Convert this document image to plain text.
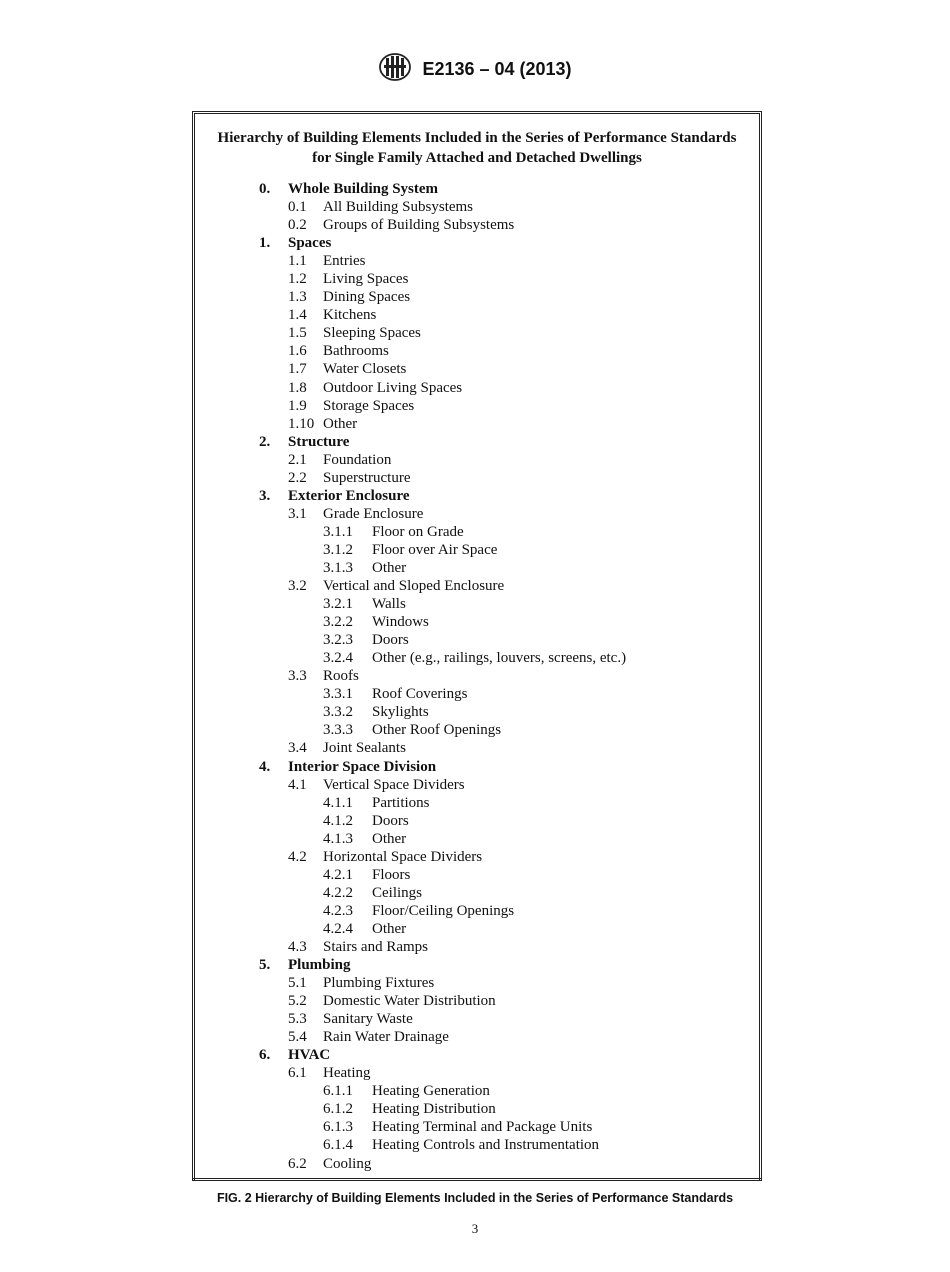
E2136 – 04 (2013)
Hierarchy of Building Elements Included in the Series of Performance Standards
for Single Family Attached and Detached Dwellings
0. Whole Building System
0.1 All Building Subsystems
0.2 Groups of Building Subsystems
1. Spaces
1.1 Entries
1.2 Living Spaces
1.3 Dining Spaces
1.4 Kitchens
1.5 Sleeping Spaces
1.6 Bathrooms
1.7 Water Closets
1.8 Outdoor Living Spaces
1.9 Storage Spaces
1.10 Other
2. Structure
2.1 Foundation
2.2 Superstructure
3. Exterior Enclosure
3.1 Grade Enclosure
3.1.1 Floor on Grade
3.1.2 Floor over Air Space
3.1.3 Other
3.2 Vertical and Sloped Enclosure
3.2.1 Walls
3.2.2 Windows
3.2.3 Doors
3.2.4 Other (e.g., railings, louvers, screens, etc.)
3.3 Roofs
3.3.1 Roof Coverings
3.3.2 Skylights
3.3.3 Other Roof Openings
3.4 Joint Sealants
4. Interior Space Division
4.1 Vertical Space Dividers
4.1.1 Partitions
4.1.2 Doors
4.1.3 Other
4.2 Horizontal Space Dividers
4.2.1 Floors
4.2.2 Ceilings
4.2.3 Floor/Ceiling Openings
4.2.4 Other
4.3 Stairs and Ramps
5. Plumbing
5.1 Plumbing Fixtures
5.2 Domestic Water Distribution
5.3 Sanitary Waste
5.4 Rain Water Drainage
6. HVAC
6.1 Heating
6.1.1 Heating Generation
6.1.2 Heating Distribution
6.1.3 Heating Terminal and Package Units
6.1.4 Heating Controls and Instrumentation
6.2 Cooling
FIG. 2 Hierarchy of Building Elements Included in the Series of Performance Standards
3
